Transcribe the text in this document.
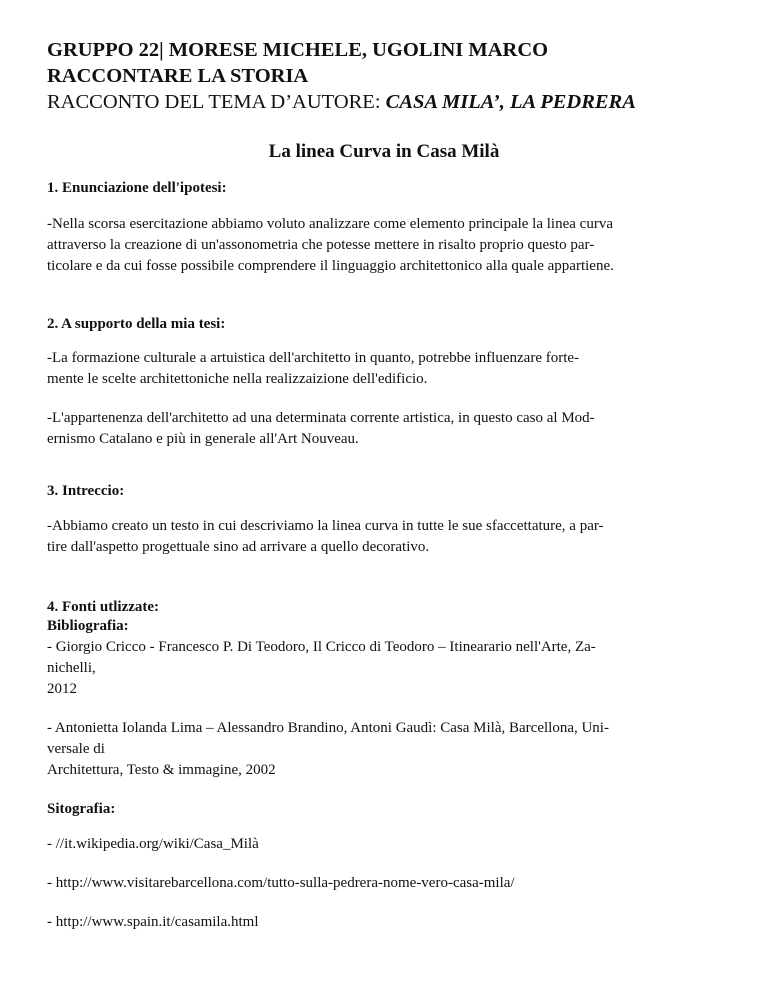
GRUPPO 22| MORESE MICHELE, UGOLINI MARCO
RACCONTARE LA STORIA
RACCONTO DEL TEMA D’AUTORE: CASA MILA’, LA PEDRERA
La linea Curva in Casa Milà
1. Enunciazione dell'ipotesi:
-Nella scorsa esercitazione abbiamo voluto analizzare come elemento principale la linea curva
attraverso la creazione di un'assonometria che potesse mettere in risalto proprio questo par-
ticolare e da cui fosse possibile comprendere il linguaggio architettonico alla quale appartiene.
2. A supporto della mia tesi:
-La formazione culturale a artuistica dell'architetto in quanto, potrebbe influenzare forte-
mente le scelte architettoniche nella realizzaizione dell'edificio.
-L'appartenenza dell'architetto ad una determinata corrente artistica, in questo caso al Mod-
ernismo Catalano e più in generale all'Art Nouveau.
3. Intreccio:
-Abbiamo creato un testo in cui descriviamo la linea curva in tutte le sue sfaccettature, a par-
tire dall'aspetto progettuale sino ad arrivare a quello decorativo.
4. Fonti utlizzate:
Bibliografia:
- Giorgio Cricco - Francesco P. Di Teodoro, Il Cricco di Teodoro – Itinearario nell'Arte, Za-
nichelli,
2012
- Antonietta Iolanda Lima – Alessandro Brandino, Antoni Gaudì: Casa Milà, Barcellona, Uni-
versale di
Architettura, Testo & immagine, 2002
Sitografia:
- //it.wikipedia.org/wiki/Casa_Milà
- http://www.visitarebarcellona.com/tutto-sulla-pedrera-nome-vero-casa-mila/
- http://www.spain.it/casamila.html
